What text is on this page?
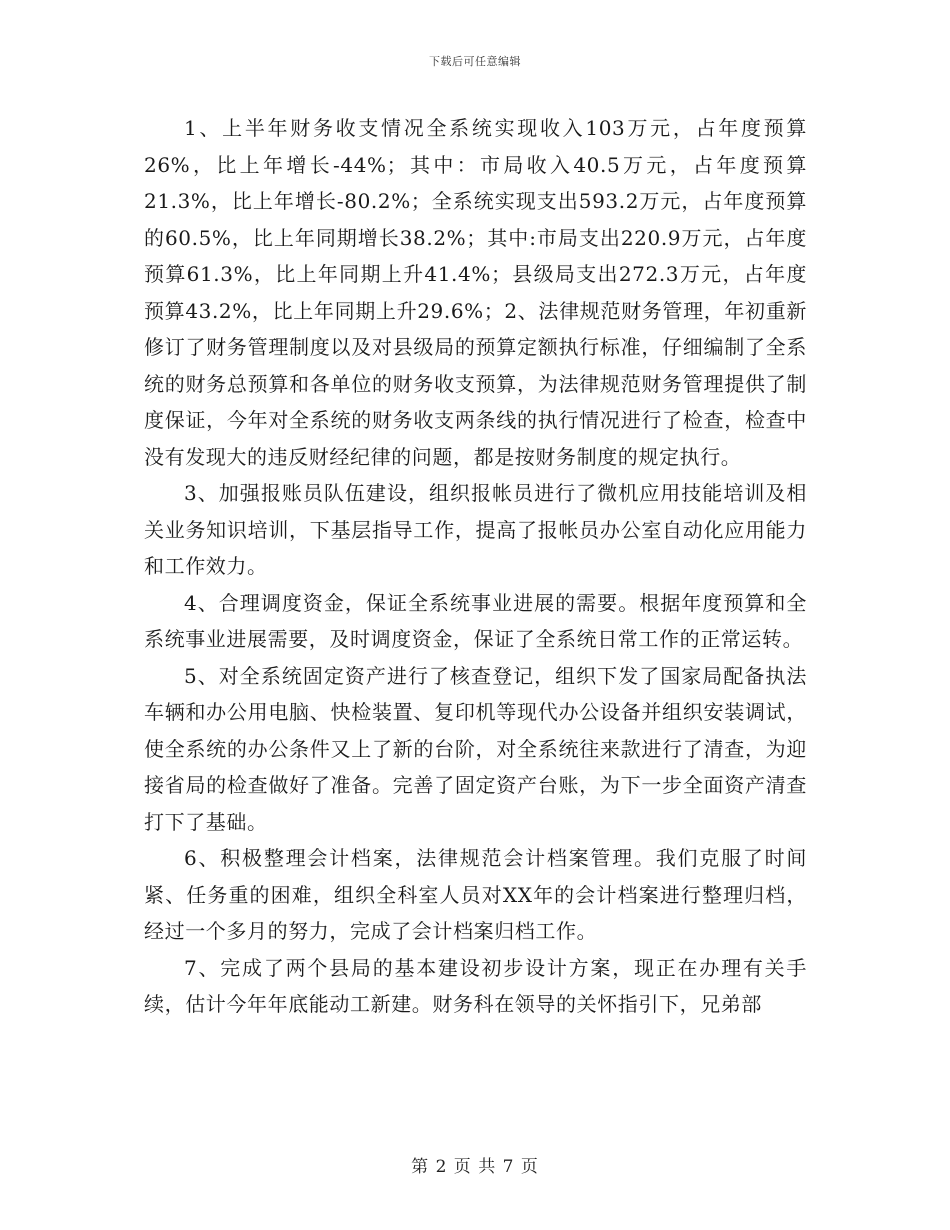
下载后可任意编辑

1、上半年财务收支情况全系统实现收入103万元，占年度预算26%，比上年增长-44%；其中：市局收入40.5万元，占年度预算21.3%，比上年增长-80.2%；全系统实现支出593.2万元，占年度预算的60.5%，比上年同期增长38.2%；其中:市局支出220.9万元，占年度预算61.3%，比上年同期上升41.4%；县级局支出272.3万元，占年度预算43.2%，比上年同期上升29.6%；2、法律规范财务管理，年初重新修订了财务管理制度以及对县级局的预算定额执行标准，仔细编制了全系统的财务总预算和各单位的财务收支预算，为法律规范财务管理提供了制度保证，今年对全系统的财务收支两条线的执行情况进行了检查，检查中没有发现大的违反财经纪律的问题，都是按财务制度的规定执行。

3、加强报账员队伍建设，组织报帐员进行了微机应用技能培训及相关业务知识培训，下基层指导工作，提高了报帐员办公室自动化应用能力和工作效力。

4、合理调度资金，保证全系统事业进展的需要。根据年度预算和全系统事业进展需要，及时调度资金，保证了全系统日常工作的正常运转。

5、对全系统固定资产进行了核查登记，组织下发了国家局配备执法车辆和办公用电脑、快检装置、复印机等现代办公设备并组织安装调试，使全系统的办公条件又上了新的台阶，对全系统往来款进行了清查，为迎接省局的检查做好了准备。完善了固定资产台账，为下一步全面资产清查打下了基础。

6、积极整理会计档案，法律规范会计档案管理。我们克服了时间紧、任务重的困难，组织全科室人员对XX年的会计档案进行整理归档，经过一个多月的努力，完成了会计档案归档工作。

7、完成了两个县局的基本建设初步设计方案，现正在办理有关手续，估计今年年底能动工新建。财务科在领导的关怀指引下，兄弟部

第 2 页 共 7 页
